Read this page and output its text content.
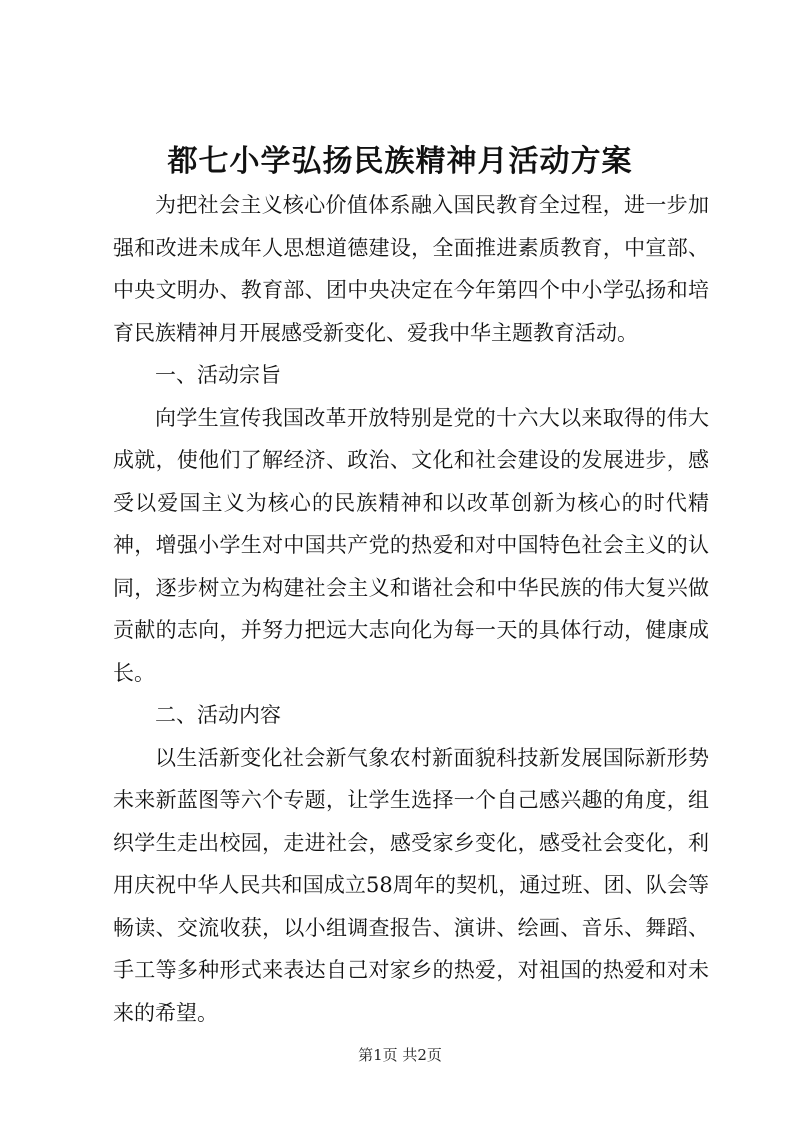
都七小学弘扬民族精神月活动方案

为把社会主义核心价值体系融入国民教育全过程，进一步加强和改进未成年人思想道德建设，全面推进素质教育，中宣部、中央文明办、教育部、团中央决定在今年第四个中小学弘扬和培育民族精神月开展感受新变化、爱我中华主题教育活动。

一、活动宗旨

向学生宣传我国改革开放特别是党的十六大以来取得的伟大成就，使他们了解经济、政治、文化和社会建设的发展进步，感受以爱国主义为核心的民族精神和以改革创新为核心的时代精神，增强小学生对中国共产党的热爱和对中国特色社会主义的认同，逐步树立为构建社会主义和谐社会和中华民族的伟大复兴做贡献的志向，并努力把远大志向化为每一天的具体行动，健康成长。

二、活动内容

以生活新变化社会新气象农村新面貌科技新发展国际新形势未来新蓝图等六个专题，让学生选择一个自己感兴趣的角度，组织学生走出校园，走进社会，感受家乡变化，感受社会变化，利用庆祝中华人民共和国成立58周年的契机，通过班、团、队会等畅读、交流收获，以小组调查报告、演讲、绘画、音乐、舞蹈、手工等多种形式来表达自己对家乡的热爱，对祖国的热爱和对未来的希望。

第1页 共2页
